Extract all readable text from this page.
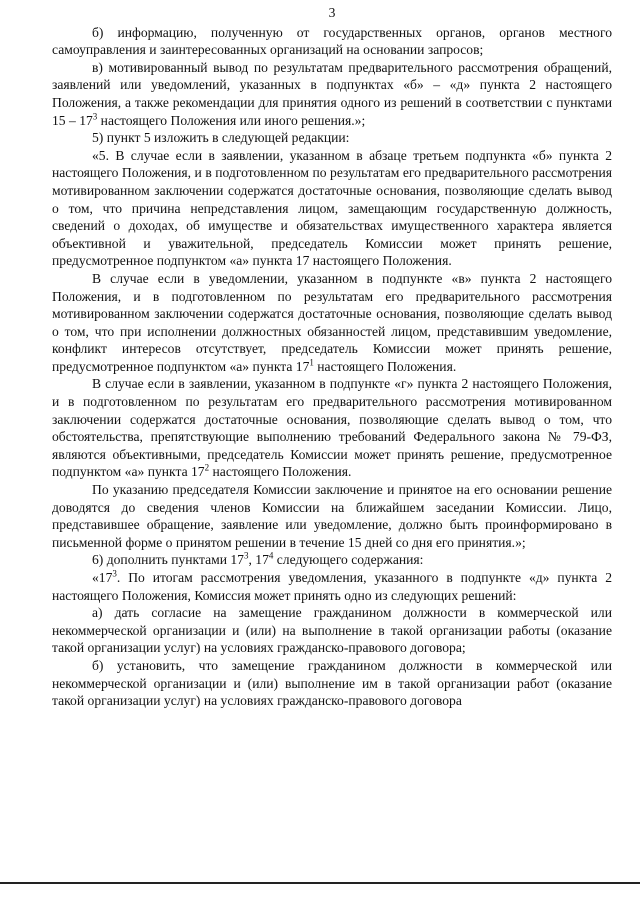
3

б) информацию, полученную от государственных органов, органов местного самоуправления и заинтересованных организаций на основании запросов;

в) мотивированный вывод по результатам предварительного рассмотрения обращений, заявлений или уведомлений, указанных в подпунктах «б» – «д» пункта 2 настоящего Положения, а также рекомендации для принятия одного из решений в соответствии с пунктами $15 - 17^3$ настоящего Положения или иного решения.»;

5) пункт 5 изложить в следующей редакции:

«5. В случае если в заявлении, указанном в абзаце третьем подпункта «б» пункта 2 настоящего Положения, и в подготовленном по результатам его предварительного рассмотрения мотивированном заключении содержатся достаточные основания, позволяющие сделать вывод о том, что причина непредставления лицом, замещающим государственную должность, сведений о доходах, об имуществе и обязательствах имущественного характера является объективной и уважительной, председатель Комиссии может принять решение, предусмотренное подпунктом «а» пункта 17 настоящего Положения.

В случае если в уведомлении, указанном в подпункте «в» пункта 2 настоящего Положения, и в подготовленном по результатам его предварительного рассмотрения мотивированном заключении содержатся достаточные основания, позволяющие сделать вывод о том, что при исполнении должностных обязанностей лицом, представившим уведомление, конфликт интересов отсутствует, председатель Комиссии может принять решение, предусмотренное подпунктом «а» пункта $17^1$ настоящего Положения.

В случае если в заявлении, указанном в подпункте «г» пункта 2 настоящего Положения, и в подготовленном по результатам его предварительного рассмотрения мотивированном заключении содержатся достаточные основания, позволяющие сделать вывод о том, что обстоятельства, препятствующие выполнению требований Федерального закона № 79-ФЗ, являются объективными, председатель Комиссии может принять решение, предусмотренное подпунктом «а» пункта $17^2$ настоящего Положения.

По указанию председателя Комиссии заключение и принятое на его основании решение доводятся до сведения членов Комиссии на ближайшем заседании Комиссии. Лицо, представившее обращение, заявление или уведомление, должно быть проинформировано в письменной форме о принятом решении в течение 15 дней со дня его принятия.»;

6) дополнить пунктами $17^3$, $17^4$ следующего содержания:

«$17^3$. По итогам рассмотрения уведомления, указанного в подпункте «д» пункта 2 настоящего Положения, Комиссия может принять одно из следующих решений:

а) дать согласие на замещение гражданином должности в коммерческой или некоммерческой организации и (или) на выполнение в такой организации работы (оказание такой организации услуг) на условиях гражданско-правового договора;

б) установить, что замещение гражданином должности в коммерческой или некоммерческой организации и (или) выполнение им в такой организации работ (оказание такой организации услуг) на условиях гражданско-правового договора
